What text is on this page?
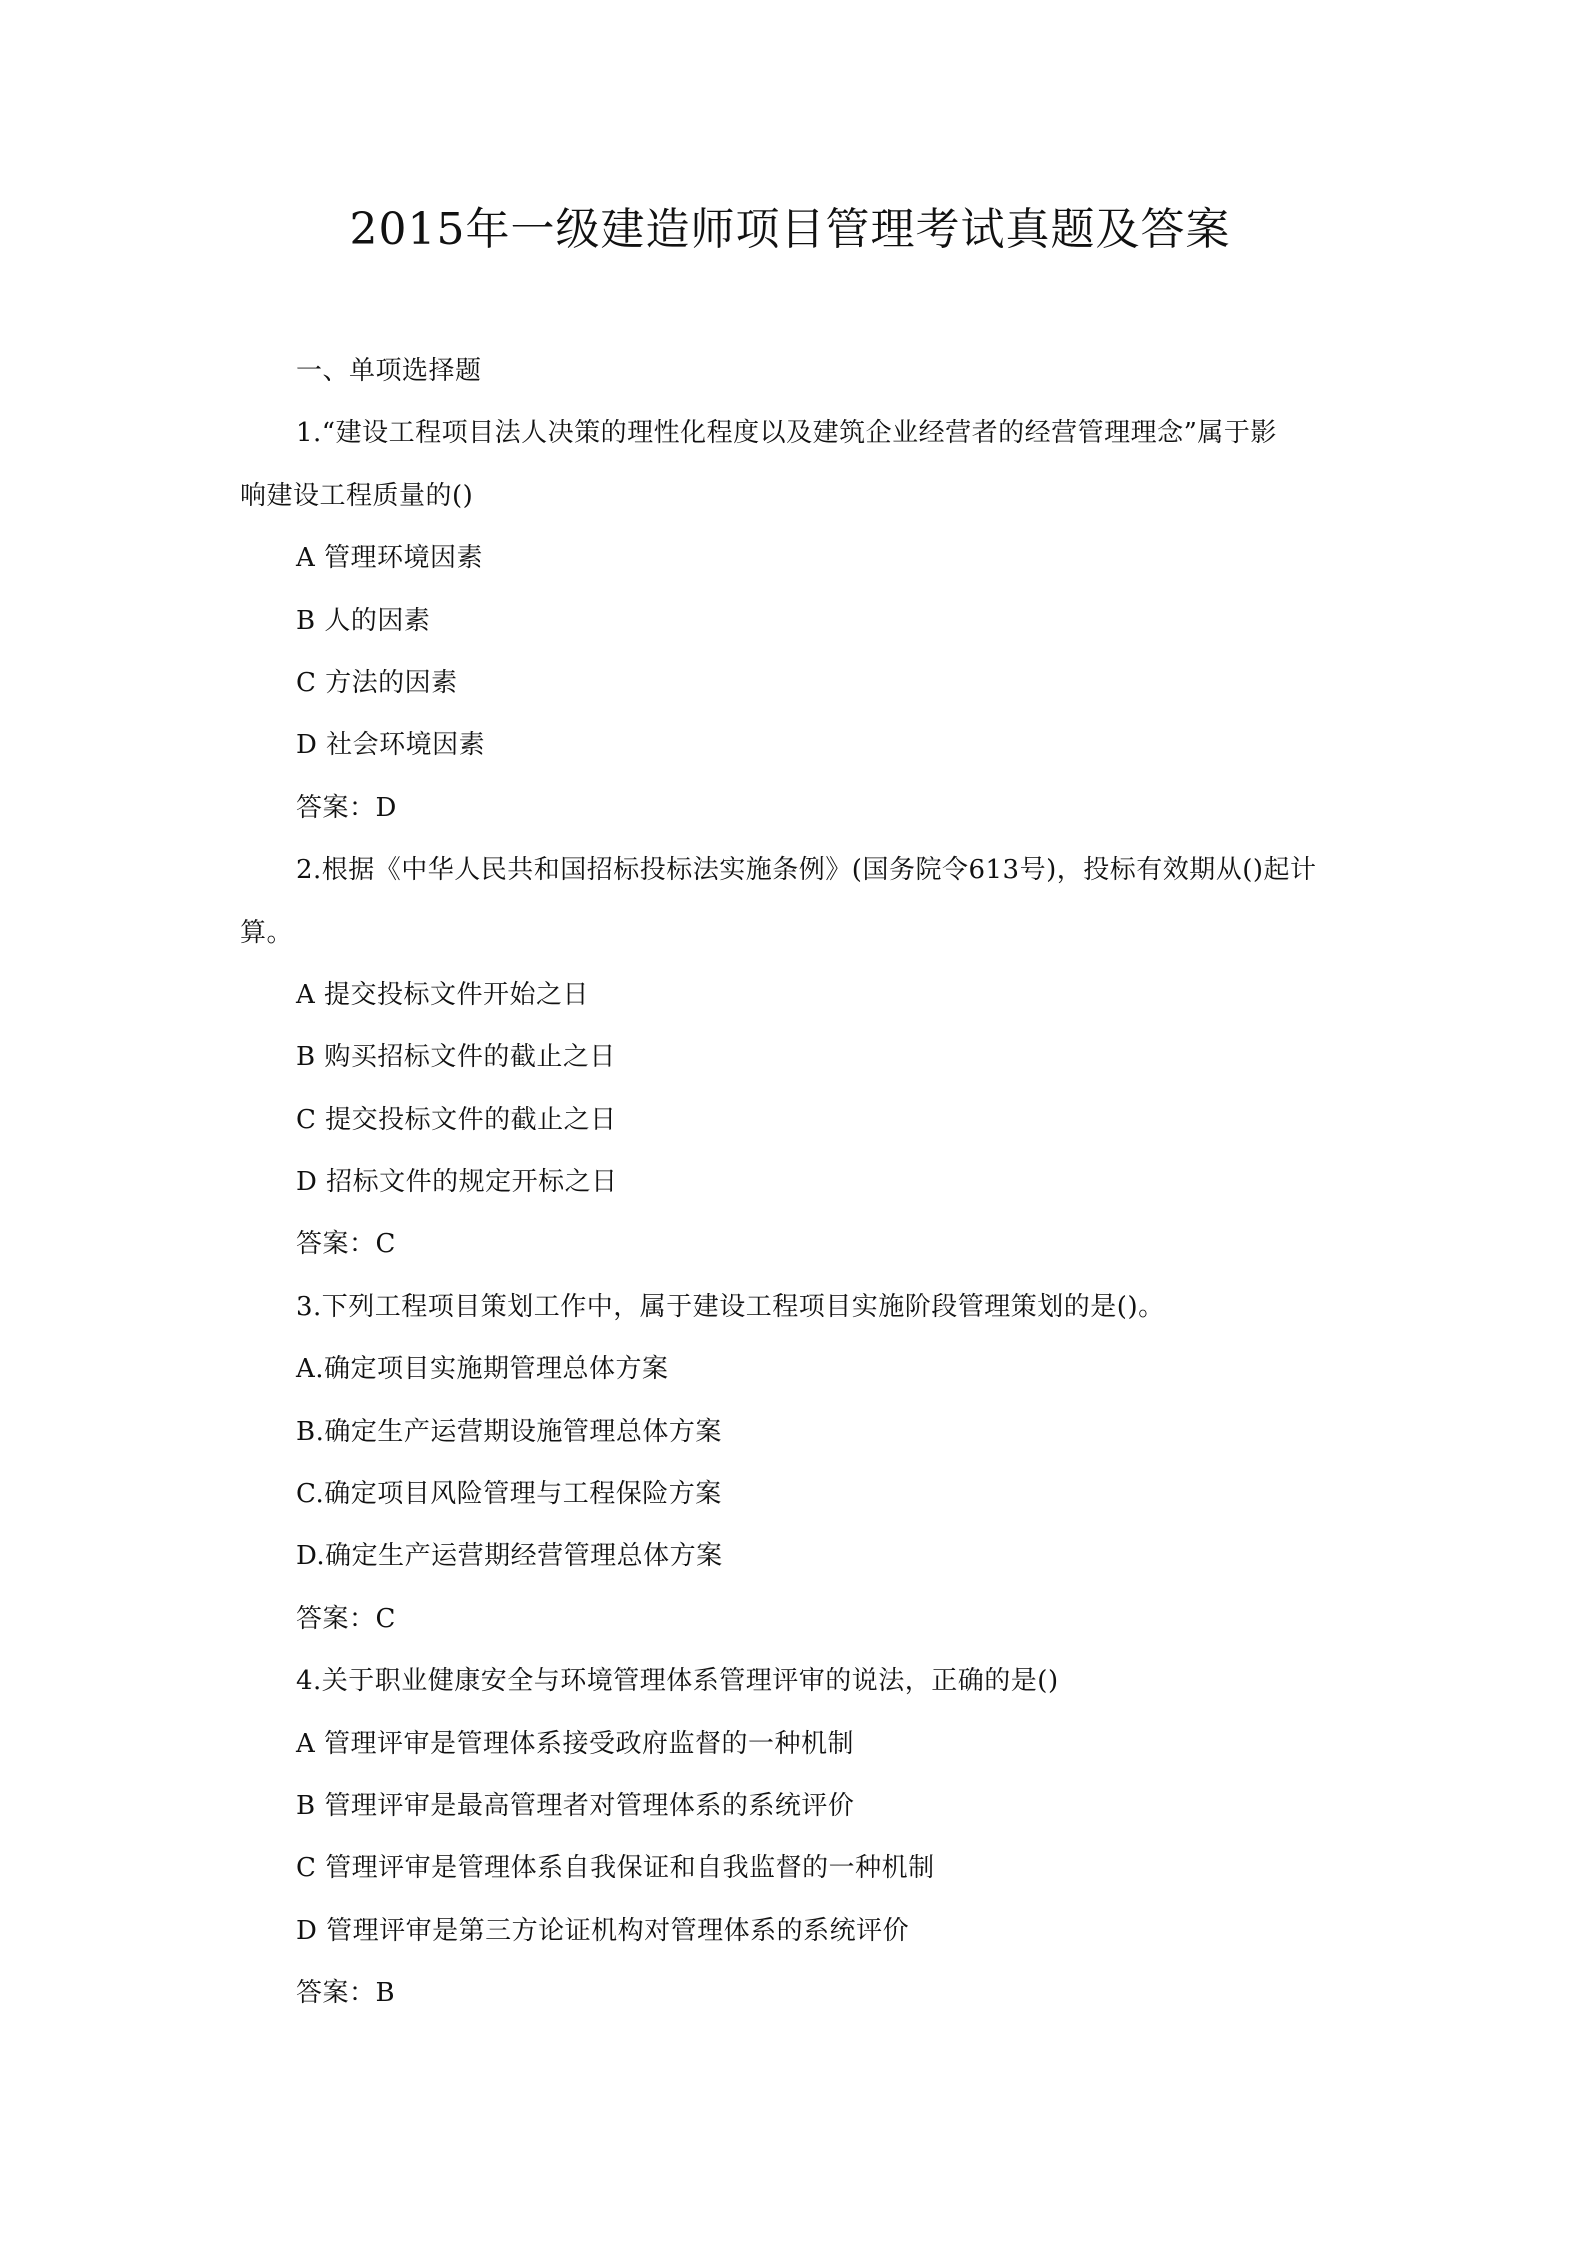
2015年一级建造师项目管理考试真题及答案
一、单项选择题
1.“建设工程项目法人决策的理性化程度以及建筑企业经营者的经营管理理念”属于影
响建设工程质量的()
A 管理环境因素
B 人的因素
C 方法的因素
D 社会环境因素
答案：D
2.根据《中华人民共和国招标投标法实施条例》(国务院令613号)，投标有效期从()起计
算。
A 提交投标文件开始之日
B 购买招标文件的截止之日
C 提交投标文件的截止之日
D 招标文件的规定开标之日
答案：C
3.下列工程项目策划工作中，属于建设工程项目实施阶段管理策划的是()。
A.确定项目实施期管理总体方案
B.确定生产运营期设施管理总体方案
C.确定项目风险管理与工程保险方案
D.确定生产运营期经营管理总体方案
答案：C
4.关于职业健康安全与环境管理体系管理评审的说法，正确的是()
A 管理评审是管理体系接受政府监督的一种机制
B 管理评审是最高管理者对管理体系的系统评价
C 管理评审是管理体系自我保证和自我监督的一种机制
D 管理评审是第三方论证机构对管理体系的系统评价
答案：B
